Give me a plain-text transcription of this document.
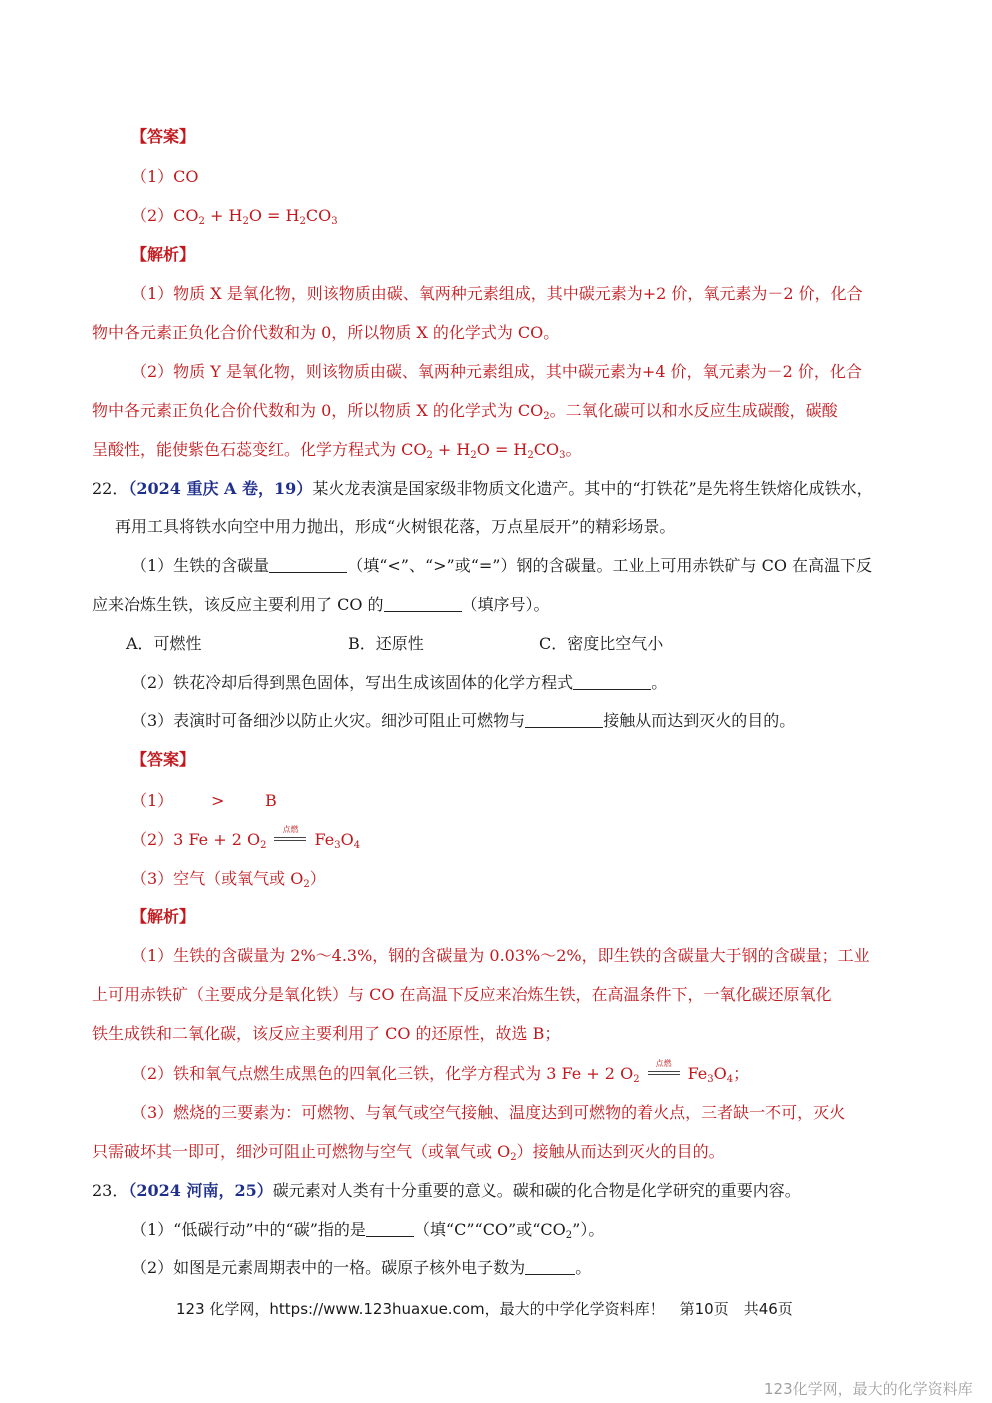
【答案】
（1）CO
$(2)CO_2 + H_2O = H_2CO_3$
【解析】
（1）物质 X 是氧化物，则该物质由碳、氧两种元素组成，其中碳元素为+2 价，氧元素为－2 价，化合
物中各元素正负化合价代数和为 0，所以物质 X 的化学式为 CO。
（2）物质 Y 是氧化物，则该物质由碳、氧两种元素组成，其中碳元素为+4 价，氧元素为－2 价，化合
物中各元素正负化合价代数和为 0，所以物质 X 的化学式为 $CO_2$。二氧化碳可以和水反应生成碳酸，碳酸
呈酸性，能使紫色石蕊变红。化学方程式为 $CO_2 + H_2O = H_2CO_3$。
22．（2024 重庆 A 卷，19）某火龙表演是国家级非物质文化遗产。其中的“打铁花”是先将生铁熔化成铁水，
再用工具将铁水向空中用力抛出，形成“火树银花落，万点星辰开”的精彩场景。
（1）生铁的含碳量	（填“<”、“>”或“=”）钢的含碳量。工业上可用赤铁矿与 CO 在高温下反
应来冶炼生铁，该反应主要利用了 CO 的	（填序号）。
A．可燃性	B．还原性	C．密度比空气小
（2）铁花冷却后得到黑色固体，写出生成该固体的化学方程式	。
（3）表演时可备细沙以防止火灾。细沙可阻止可燃物与	接触从而达到灭火的目的。
【答案】
（1） >	B
（2）3 Fe + 2 $O_2$
点燃
$Fe_3O_4$
（3）空气（或氧气或 $O_2$）
【解析】
（1）生铁的含碳量为 2%～4.3%，钢的含碳量为 0.03%～2%，即生铁的含碳量大于钢的含碳量；工业
上可用赤铁矿（主要成分是氧化铁）与 CO 在高温下反应来冶炼生铁，在高温条件下，一氧化碳还原氧化
铁生成铁和二氧化碳，该反应主要利用了 CO 的还原性，故选 B；
（2）铁和氧气点燃生成黑色的四氧化三铁，化学方程式为 3 Fe + 2 $O_2$
点燃
$Fe_3O_4$；
（3）燃烧的三要素为：可燃物、与氧气或空气接触、温度达到可燃物的着火点，三者缺一不可，灭火
只需破坏其一即可，细沙可阻止可燃物与空气（或氧气或 $O_2$）接触从而达到灭火的目的。
23．（2024 河南，25）碳元素对人类有十分重要的意义。碳和碳的化合物是化学研究的重要内容。
（1）“低碳行动”中的“碳”指的是	（填“C”“CO”或“$CO_2$”）。
（2）如图是元素周期表中的一格。碳原子核外电子数为	。
123 化学网，https://www.123huaxue.com，最大的中学化学资料库！　第10页　共46页
123化学网，最大的化学资料库
